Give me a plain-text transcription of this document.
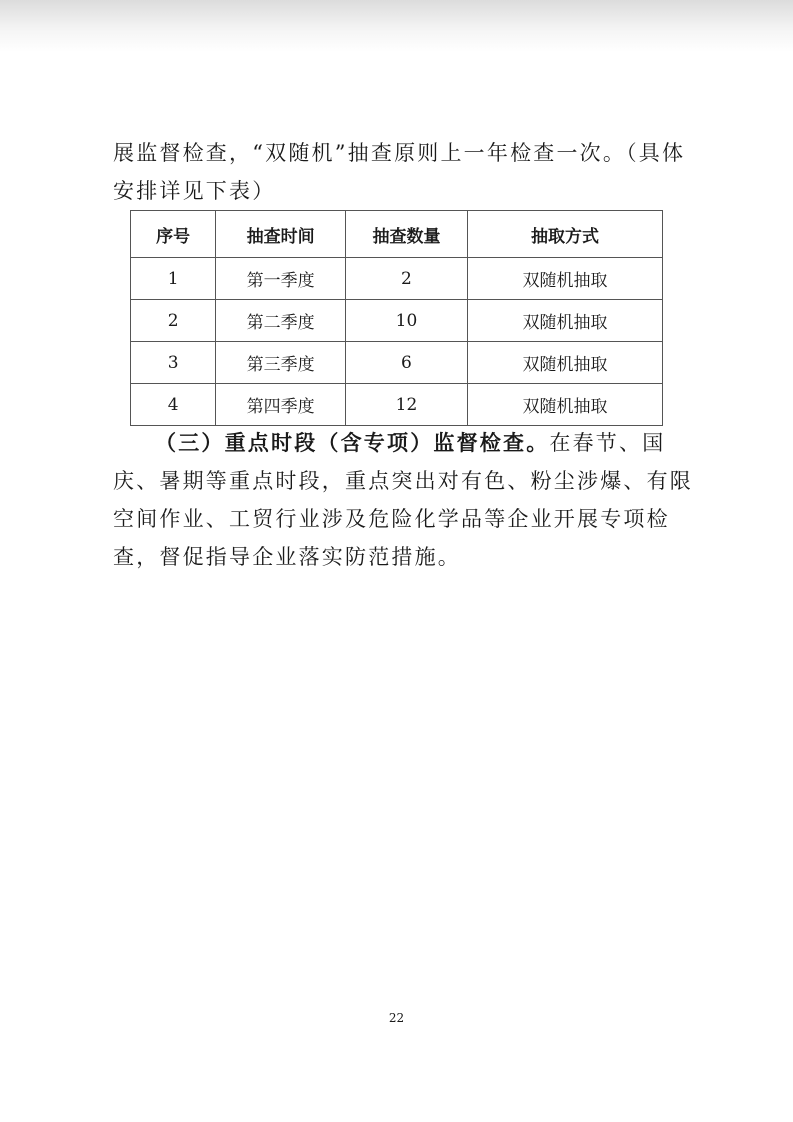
展监督检查，“双随机”抽查原则上一年检查一次。（具体安排详见下表）

序号	抽查时间	抽查数量	抽取方式
1	第一季度	2	双随机抽取
2	第二季度	10	双随机抽取
3	第三季度	6	双随机抽取
4	第四季度	12	双随机抽取

（三）重点时段（含专项）监督检查。在春节、国庆、暑期等重点时段，重点突出对有色、粉尘涉爆、有限空间作业、工贸行业涉及危险化学品等企业开展专项检查，督促指导企业落实防范措施。

22
